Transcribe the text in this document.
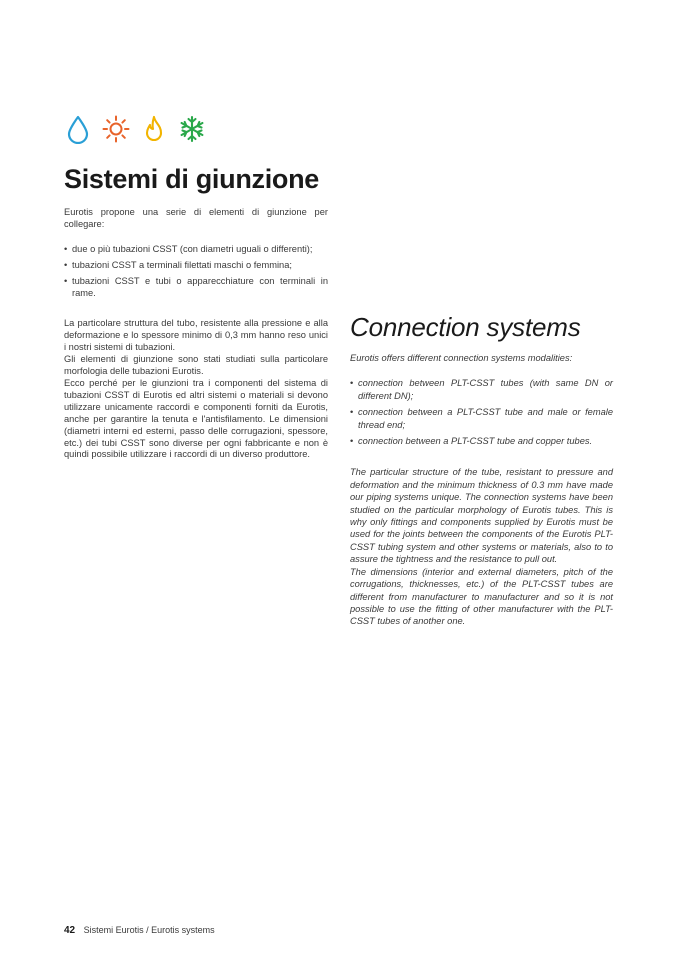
Sistemi di giunzione

Eurotis propone una serie di elementi di giunzione per collegare:

• due o più tubazioni CSST (con diametri uguali o differenti);
• tubazioni CSST a terminali filettati maschi o femmina;
• tubazioni CSST e tubi o apparecchiature con terminali in rame.

La particolare struttura del tubo, resistente alla pressione e alla deformazione e lo spessore minimo di 0,3 mm hanno reso unici i nostri sistemi di tubazioni.

Gli elementi di giunzione sono stati studiati sulla particolare morfologia delle tubazioni Eurotis.

Ecco perché per le giunzioni tra i componenti del sistema di tubazioni CSST di Eurotis ed altri sistemi o materiali si devono utilizzare unicamente raccordi e componenti forniti da Eurotis, anche per garantire la tenuta e l'antisfilamento. Le dimensioni (diametri interni ed esterni, passo delle corrugazioni, spessore, etc.) dei tubi CSST sono diverse per ogni fabbricante e non è quindi possibile utilizzare i raccordi di un diverso produttore.

Connection systems

Eurotis offers different connection systems modalities:

• connection between PLT-CSST tubes (with same DN or different DN);
• connection between a PLT-CSST tube and male or female thread end;
• connection between a PLT-CSST tube and copper tubes.

The particular structure of the tube, resistant to pressure and deformation and the minimum thickness of 0.3 mm have made our piping systems unique. The connection systems have been studied on the particular morphology of Eurotis tubes. This is why only fittings and components supplied by Eurotis must be used for the joints between the components of the Eurotis PLT-CSST tubing system and other systems or materials, also to to assure the tightness and the resistance to pull out.

The dimensions (interior and external diameters, pitch of the corrugations, thicknesses, etc.) of the PLT-CSST tubes are different from manufacturer to manufacturer and so it is not possible to use the fitting of other manufacturer with the PLT-CSST tubes of another one.

42 Sistemi Eurotis / Eurotis systems
